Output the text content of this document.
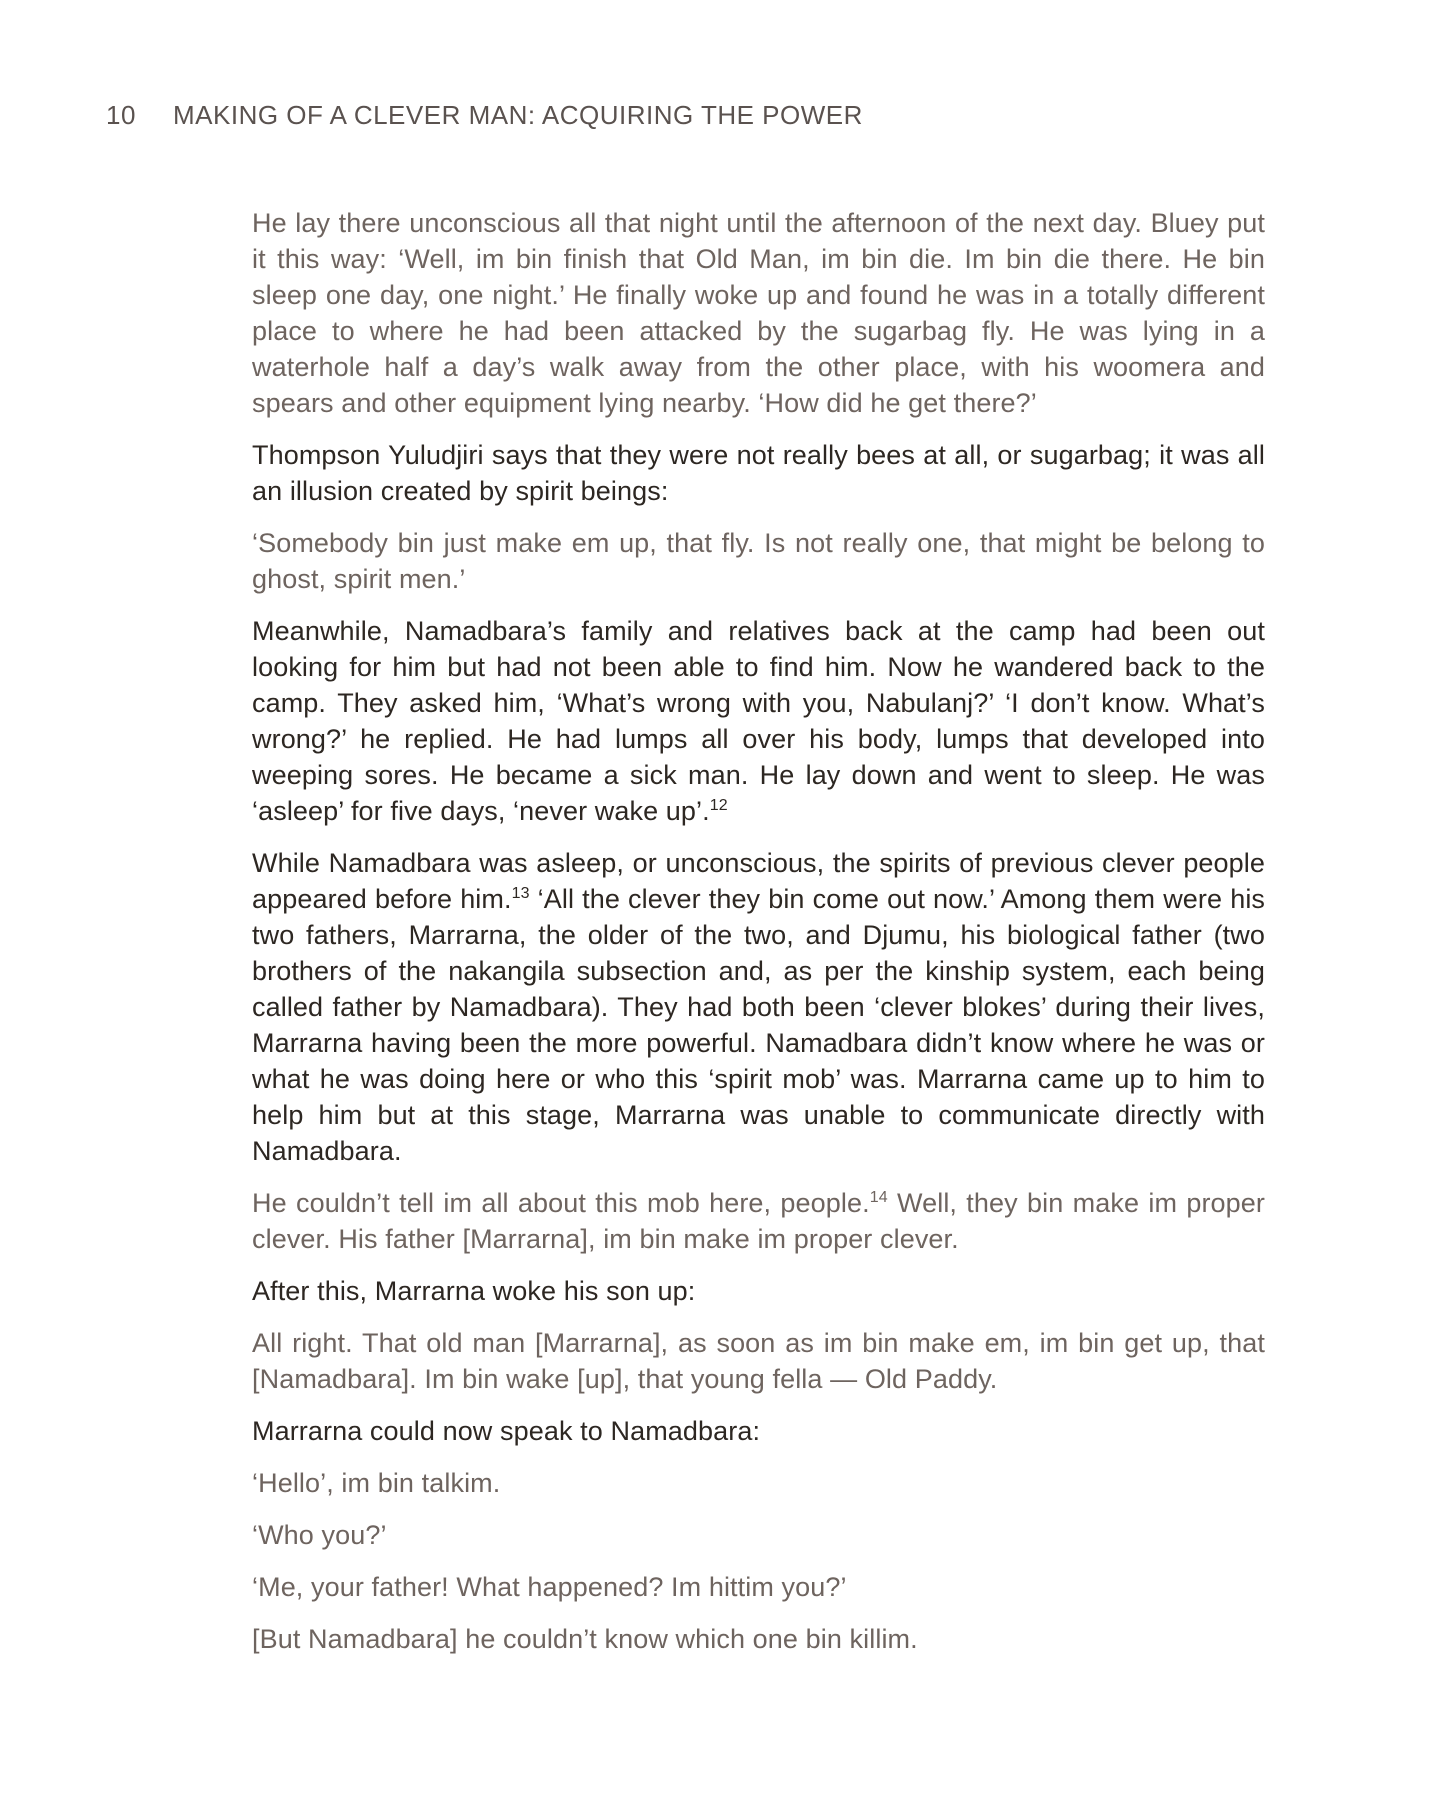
10	MAKING OF A CLEVER MAN: ACQUIRING THE POWER

He lay there unconscious all that night until the afternoon of the next day. Bluey put it this way: ‘Well, im bin finish that Old Man, im bin die. Im bin die there. He bin sleep one day, one night.’ He finally woke up and found he was in a totally different place to where he had been attacked by the sugarbag fly. He was lying in a waterhole half a day’s walk away from the other place, with his woomera and spears and other equipment lying nearby. ‘How did he get there?’

Thompson Yuludjiri says that they were not really bees at all, or sugarbag; it was all an illusion created by spirit beings:

‘Somebody bin just make em up, that fly. Is not really one, that might be belong to ghost, spirit men.’

Meanwhile, Namadbara’s family and relatives back at the camp had been out looking for him but had not been able to find him. Now he wandered back to the camp. They asked him, ‘What’s wrong with you, Nabulanj?’ ‘I don’t know. What’s wrong?’ he replied. He had lumps all over his body, lumps that developed into weeping sores. He became a sick man. He lay down and went to sleep. He was ‘asleep’ for five days, ‘never wake up’.$^{12}$

While Namadbara was asleep, or unconscious, the spirits of previous clever people appeared before him.$^{13}$ ‘All the clever they bin come out now.’ Among them were his two fathers, Marrarna, the older of the two, and Djumu, his biological father (two brothers of the nakangila subsection and, as per the kinship system, each being called father by Namadbara). They had both been ‘clever blokes’ during their lives, Marrarna having been the more powerful. Namadbara didn’t know where he was or what he was doing here or who this ‘spirit mob’ was. Marrarna came up to him to help him but at this stage, Marrarna was unable to communicate directly with Namadbara.

He couldn’t tell im all about this mob here, people.$^{14}$ Well, they bin make im proper clever. His father [Marrarna], im bin make im proper clever.

After this, Marrarna woke his son up:

All right. That old man [Marrarna], as soon as im bin make em, im bin get up, that [Namadbara]. Im bin wake [up], that young fella — Old Paddy.

Marrarna could now speak to Namadbara:

‘Hello’, im bin talkim.

‘Who you?’

‘Me, your father! What happened? Im hittim you?’

[But Namadbara] he couldn’t know which one bin killim.
